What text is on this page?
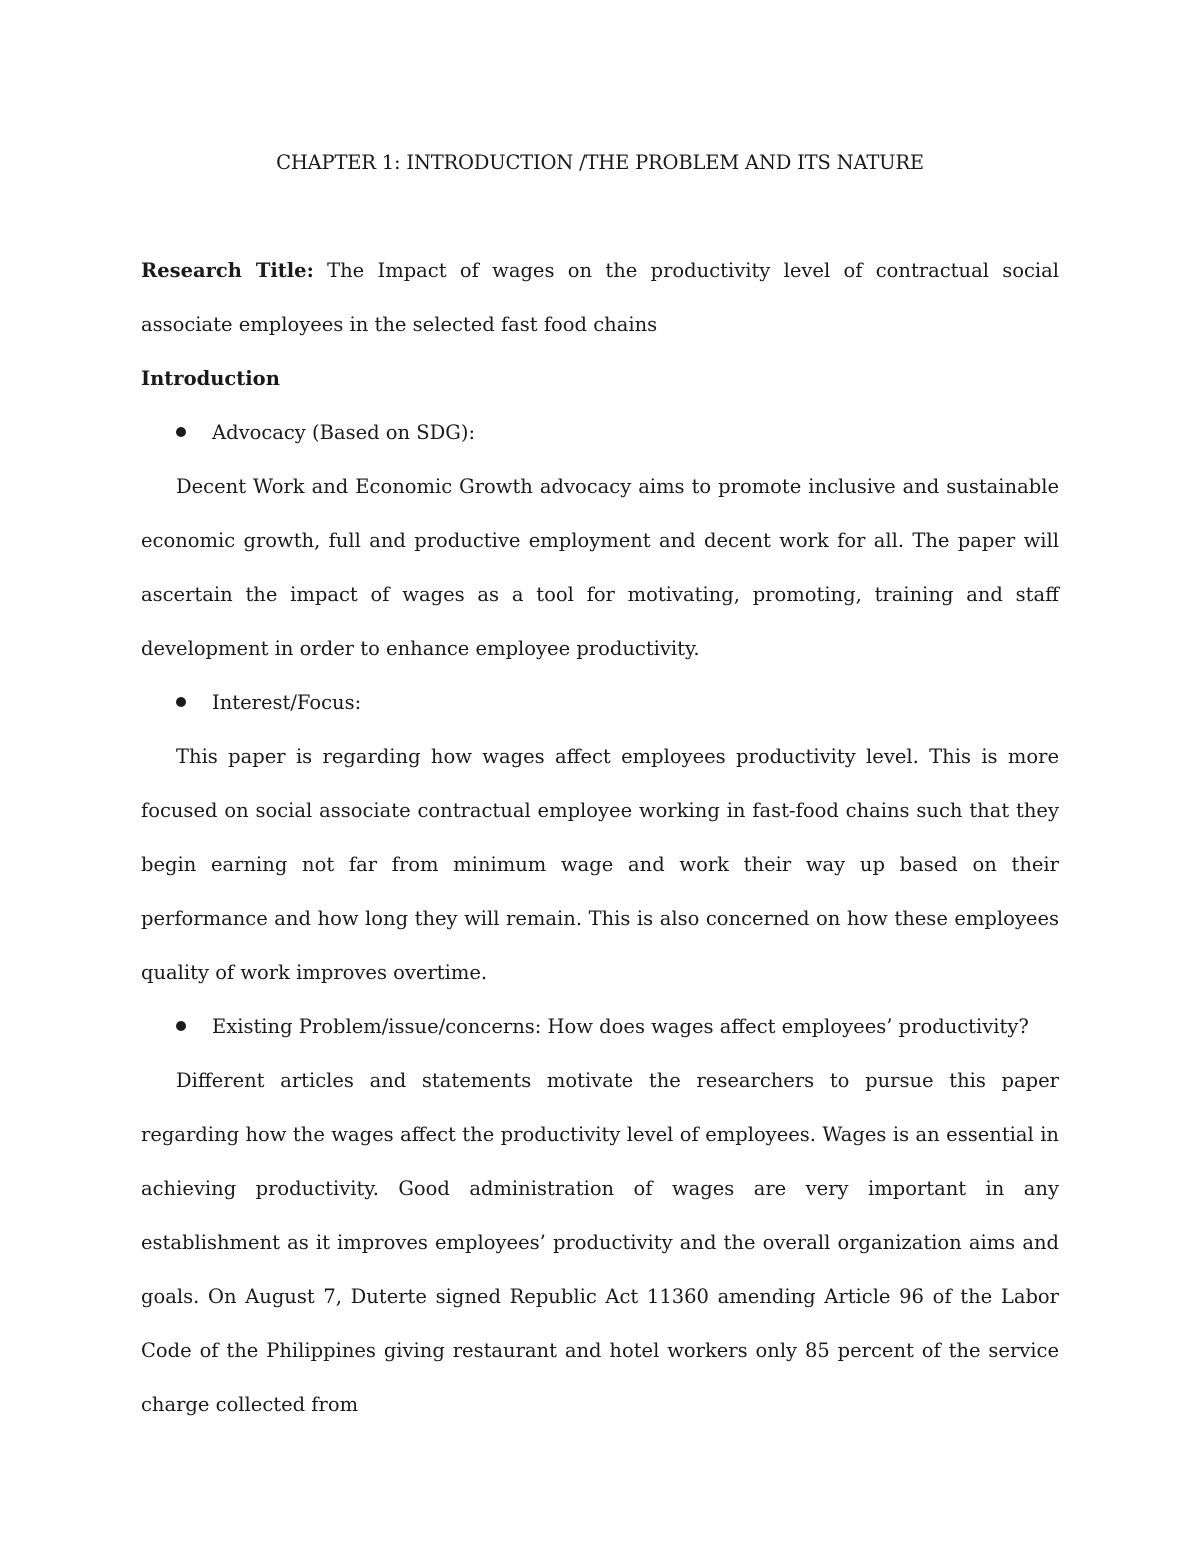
CHAPTER 1: INTRODUCTION /THE PROBLEM AND ITS NATURE

Research Title: The Impact of wages on the productivity level of contractual social associate employees in the selected fast food chains

Introduction

Advocacy (Based on SDG):

Decent Work and Economic Growth advocacy aims to promote inclusive and sustainable economic growth, full and productive employment and decent work for all. The paper will ascertain the impact of wages as a tool for motivating, promoting, training and staff development in order to enhance employee productivity.

Interest/Focus:

This paper is regarding how wages affect employees productivity level. This is more focused on social associate contractual employee working in fast-food chains such that they begin earning not far from minimum wage and work their way up based on their performance and how long they will remain. This is also concerned on how these employees quality of work improves overtime.

Existing Problem/issue/concerns: How does wages affect employees’ productivity?

Different articles and statements motivate the researchers to pursue this paper regarding how the wages affect the productivity level of employees. Wages is an essential in achieving productivity. Good administration of wages are very important in any establishment as it improves employees’ productivity and the overall organization aims and goals. On August 7, Duterte signed Republic Act 11360 amending Article 96 of the Labor Code of the Philippines giving restaurant and hotel workers only 85 percent of the service charge collected from
